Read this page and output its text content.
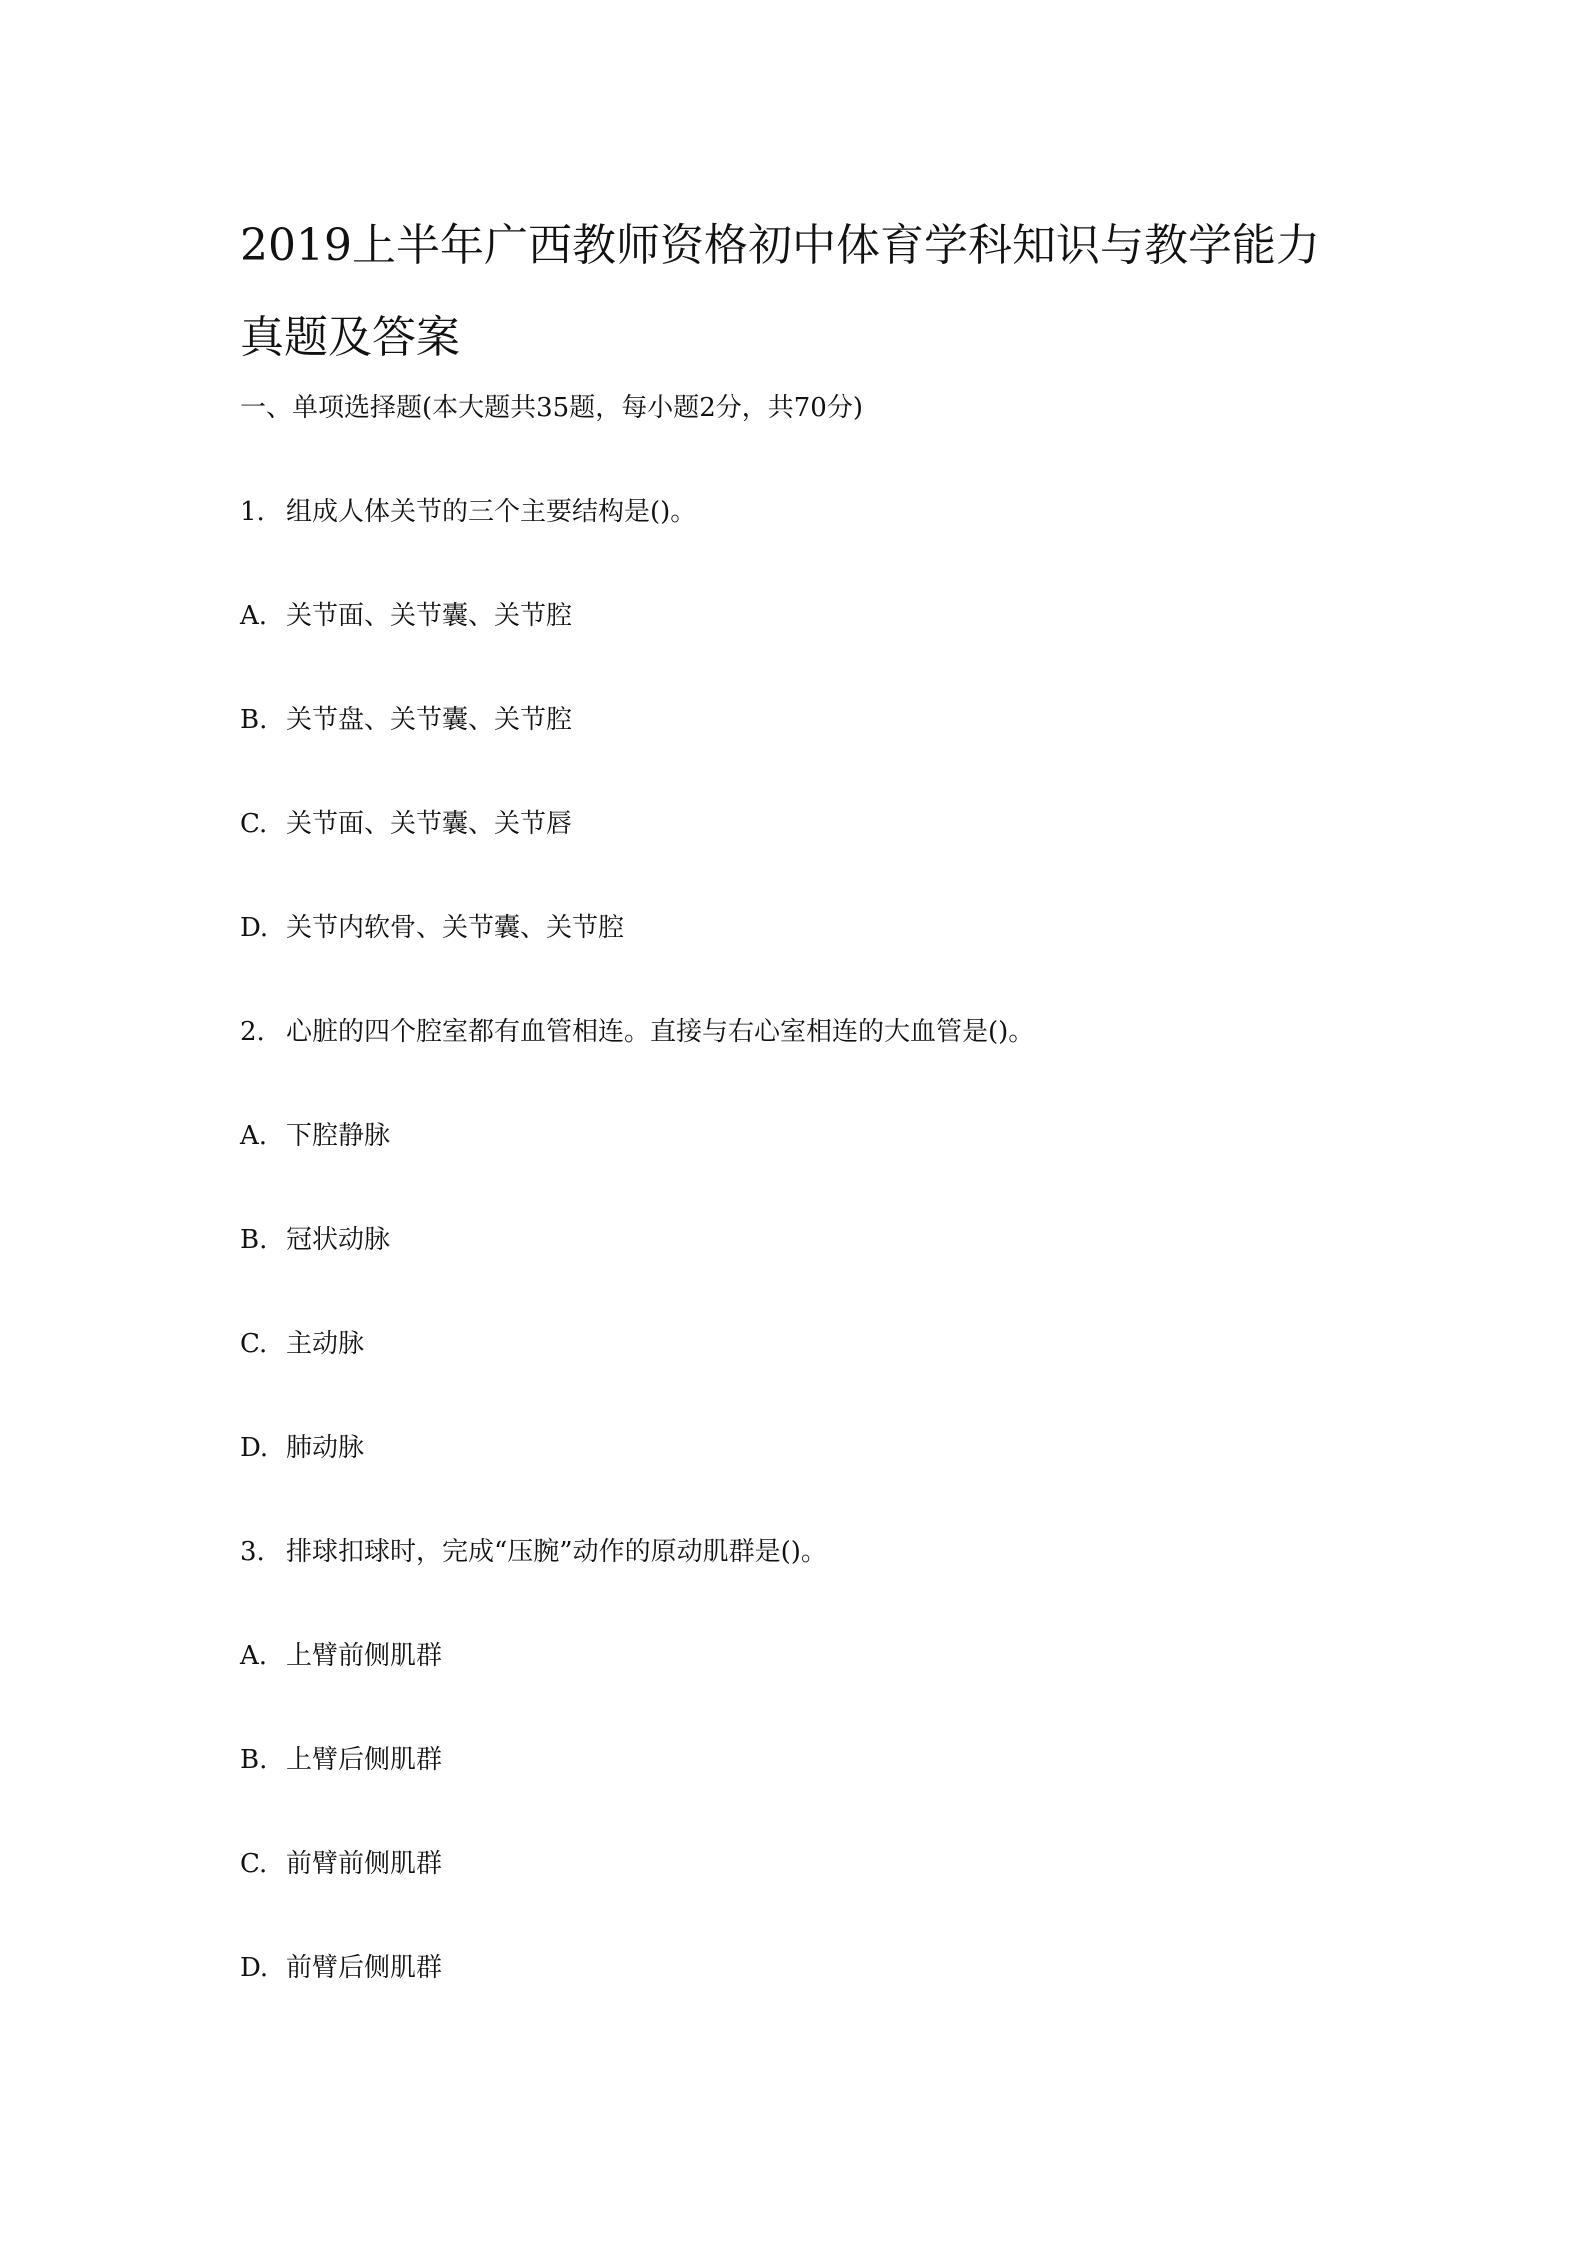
2019上半年广西教师资格初中体育学科知识与教学能力真题及答案
一、单项选择题(本大题共35题，每小题2分，共70分)
1. 组成人体关节的三个主要结构是()。
A. 关节面、关节囊、关节腔
B. 关节盘、关节囊、关节腔
C. 关节面、关节囊、关节唇
D. 关节内软骨、关节囊、关节腔
2. 心脏的四个腔室都有血管相连。直接与右心室相连的大血管是()。
A. 下腔静脉
B. 冠状动脉
C. 主动脉
D. 肺动脉
3. 排球扣球时，完成“压腕”动作的原动肌群是()。
A. 上臂前侧肌群
B. 上臂后侧肌群
C. 前臂前侧肌群
D. 前臂后侧肌群
